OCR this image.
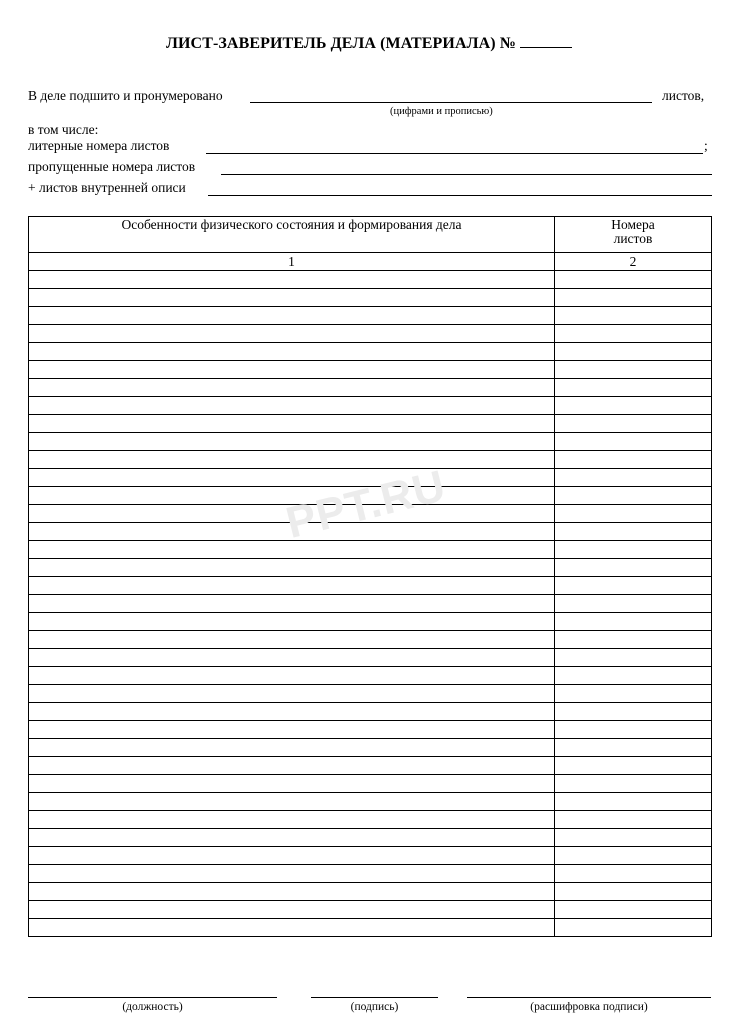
ЛИСТ-ЗАВЕРИТЕЛЬ ДЕЛА (МАТЕРИАЛА) №
В деле подшито и пронумеровано	листов,
(цифрами и прописью)
в том числе:
литерные номера листов	;
пропущенные номера листов
+ листов внутренней описи
Особенности физического состояния и формирования дела	Номера листов
1	2

PPT.RU
(должность)	(подпись)	(расшифровка подписи)
